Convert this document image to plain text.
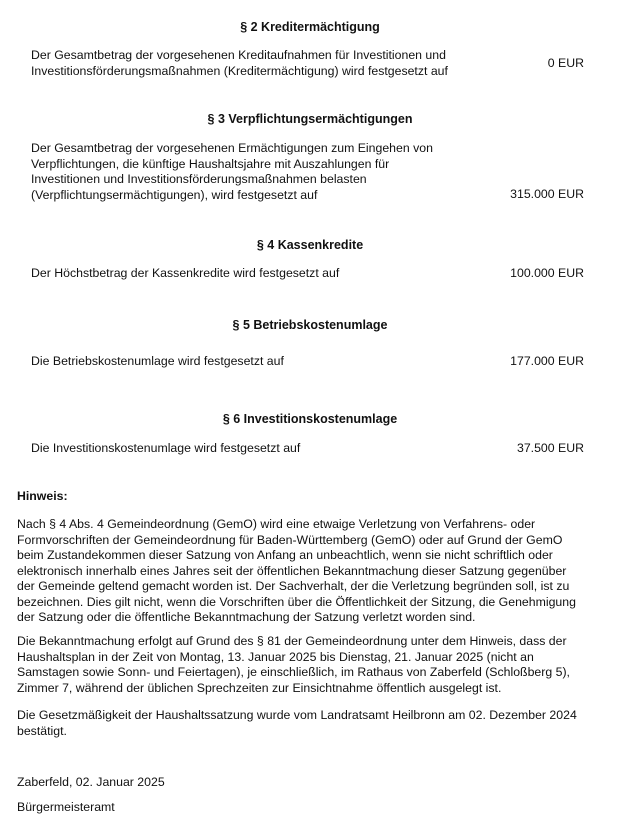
§ 2 Kreditermächtigung
Der Gesamtbetrag der vorgesehenen Kreditaufnahmen für Investitionen und
Investitionsförderungsmaßnahmen (Kreditermächtigung) wird festgesetzt auf
0 EUR
§ 3 Verpflichtungsermächtigungen
Der Gesamtbetrag der vorgesehenen Ermächtigungen zum Eingehen von
Verpflichtungen, die künftige Haushaltsjahre mit Auszahlungen für
Investitionen und Investitionsförderungsmaßnahmen belasten
(Verpflichtungsermächtigungen), wird festgesetzt auf	315.000 EUR
§ 4 Kassenkredite
Der Höchstbetrag der Kassenkredite wird festgesetzt auf	100.000 EUR
§ 5 Betriebskostenumlage
Die Betriebskostenumlage wird festgesetzt auf	177.000 EUR
§ 6 Investitionskostenumlage
Die Investitionskostenumlage wird festgesetzt auf	37.500 EUR
Hinweis:
Nach § 4 Abs. 4 Gemeindeordnung (GemO) wird eine etwaige Verletzung von Verfahrens- oder
Formvorschriften der Gemeindeordnung für Baden-Württemberg (GemO) oder auf Grund der GemO
beim Zustandekommen dieser Satzung von Anfang an unbeachtlich, wenn sie nicht schriftlich oder
elektronisch innerhalb eines Jahres seit der öffentlichen Bekanntmachung dieser Satzung gegenüber
der Gemeinde geltend gemacht worden ist. Der Sachverhalt, der die Verletzung begründen soll, ist zu
bezeichnen. Dies gilt nicht, wenn die Vorschriften über die Öffentlichkeit der Sitzung, die Genehmigung
der Satzung oder die öffentliche Bekanntmachung der Satzung verletzt worden sind.
Die Bekanntmachung erfolgt auf Grund des § 81 der Gemeindeordnung unter dem Hinweis, dass der
Haushaltsplan in der Zeit von Montag, 13. Januar 2025 bis Dienstag, 21. Januar 2025 (nicht an
Samstagen sowie Sonn- und Feiertagen), je einschließlich, im Rathaus von Zaberfeld (Schloßberg 5),
Zimmer 7, während der üblichen Sprechzeiten zur Einsichtnahme öffentlich ausgelegt ist.
Die Gesetzmäßigkeit der Haushaltssatzung wurde vom Landratsamt Heilbronn am 02. Dezember 2024
bestätigt.
Zaberfeld, 02. Januar 2025
Bürgermeisteramt
